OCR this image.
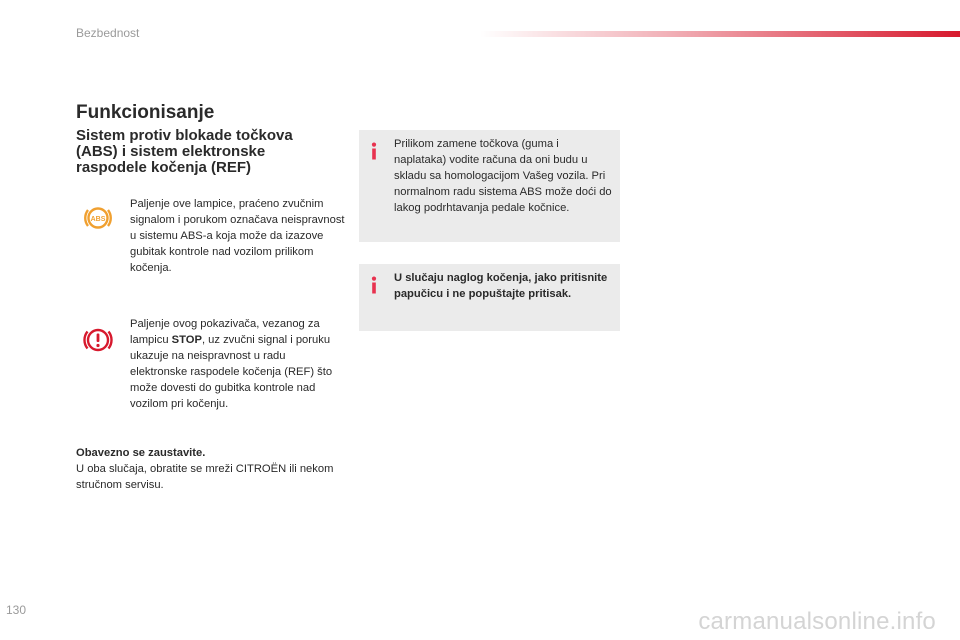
Bezbednost
Funkcionisanje
Sistem protiv blokade točkova (ABS) i sistem elektronske raspodele kočenja (REF)
ABS
Paljenje ove lampice, praćeno zvučnim signalom i porukom označava neispravnost u sistemu ABS-a koja može da izazove gubitak kontrole nad vozilom prilikom kočenja.
Paljenje ovog pokazivača, vezanog za lampicu STOP, uz zvučni signal i poruku ukazuje na neispravnost u radu elektronske raspodele kočenja (REF) što može dovesti do gubitka kontrole nad vozilom pri kočenju.
Obavezno se zaustavite.
U oba slučaja, obratite se mreži CITROËN ili nekom stručnom servisu.
Prilikom zamene točkova (guma i naplataka) vodite računa da oni budu u skladu sa homologacijom Vašeg vozila. Pri normalnom radu sistema ABS može doći do lakog podrhtavanja pedale kočnice.
U slučaju naglog kočenja, jako pritisnite papučicu i ne popuštajte pritisak.
130	carmanualsonline.info
